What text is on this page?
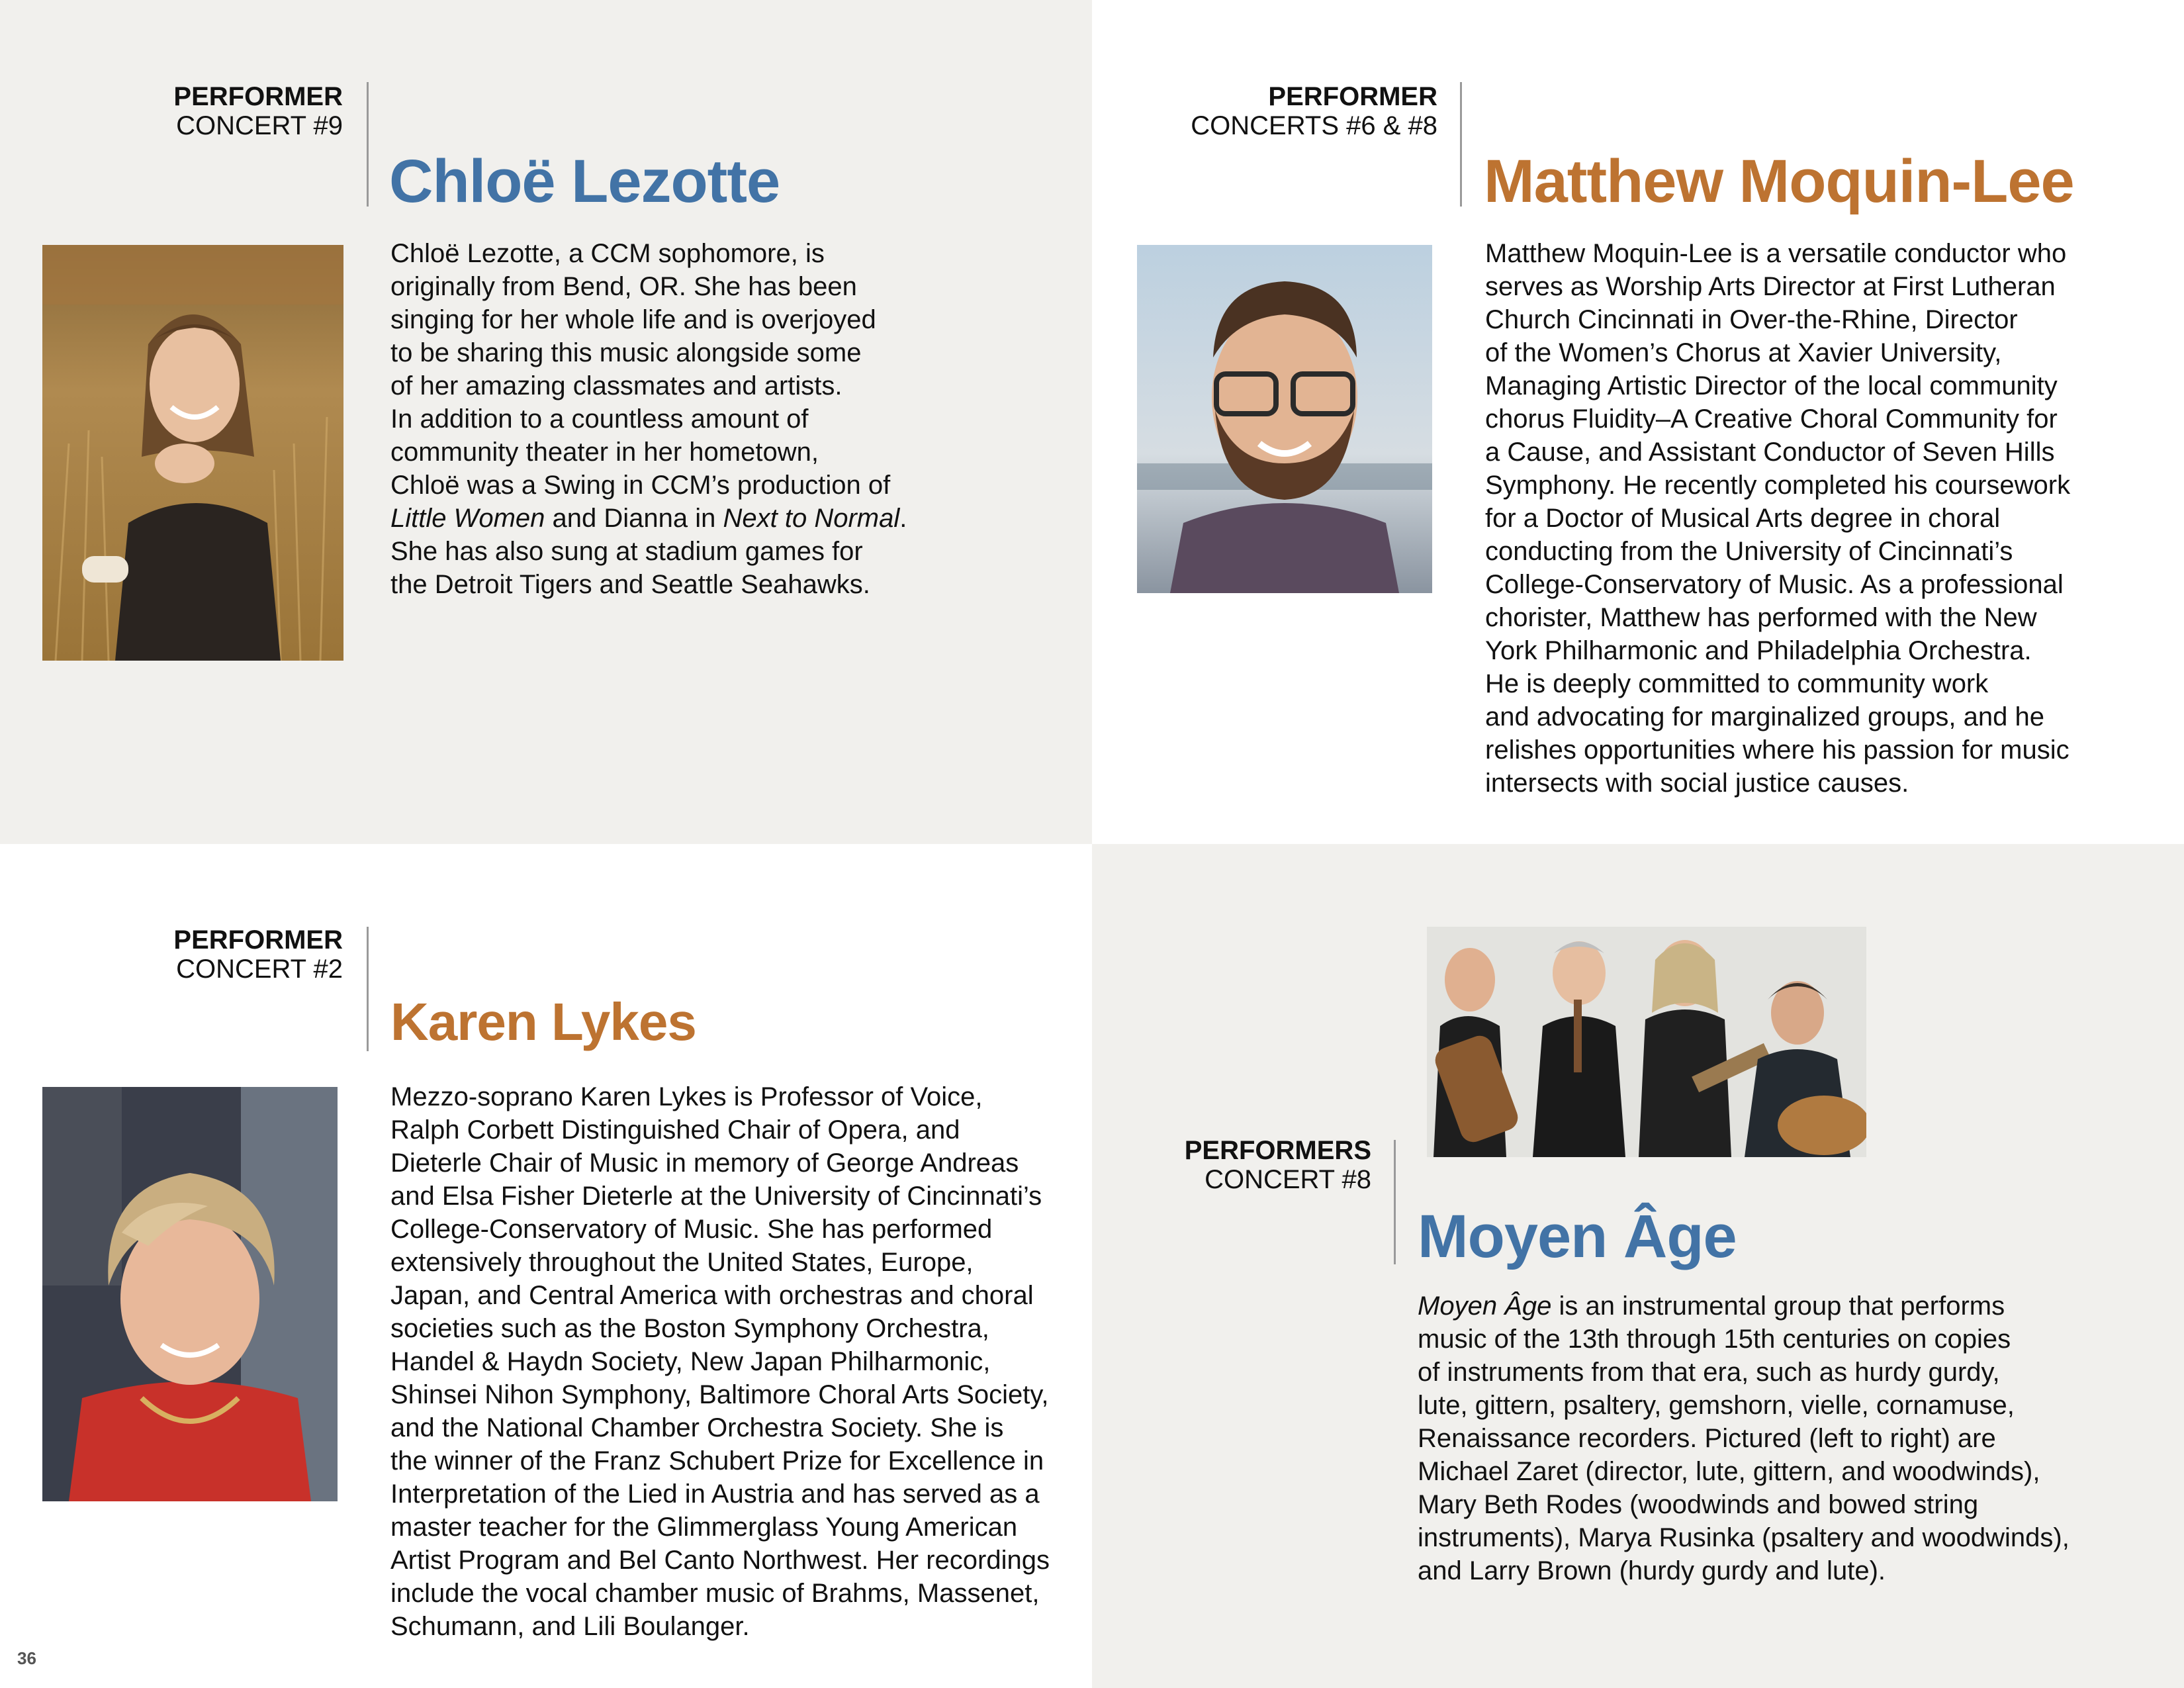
PERFORMER
CONCERT #9
Chloë Lezotte
Chloë Lezotte, a CCM sophomore, is
originally from Bend, OR. She has been
singing for her whole life and is overjoyed
to be sharing this music alongside some
of her amazing classmates and artists.
In addition to a countless amount of
community theater in her hometown,
Chloë was a Swing in CCM’s production of
Little Women and Dianna in Next to Normal.
She has also sung at stadium games for
the Detroit Tigers and Seattle Seahawks.
PERFORMER
CONCERTS #6 & #8
Matthew Moquin-Lee
Matthew Moquin-Lee is a versatile conductor who
serves as Worship Arts Director at First Lutheran
Church Cincinnati in Over-the-Rhine, Director
of the Women’s Chorus at Xavier University,
Managing Artistic Director of the local community
chorus Fluidity–A Creative Choral Community for
a Cause, and Assistant Conductor of Seven Hills
Symphony. He recently completed his coursework
for a Doctor of Musical Arts degree in choral
conducting from the University of Cincinnati’s
College-Conservatory of Music. As a professional
chorister, Matthew has performed with the New
York Philharmonic and Philadelphia Orchestra.
He is deeply committed to community work
and advocating for marginalized groups, and he
relishes opportunities where his passion for music
intersects with social justice causes.
PERFORMER
CONCERT #2
Karen Lykes
Mezzo-soprano Karen Lykes is Professor of Voice,
Ralph Corbett Distinguished Chair of Opera, and
Dieterle Chair of Music in memory of George Andreas
and Elsa Fisher Dieterle at the University of Cincinnati’s
College-Conservatory of Music. She has performed
extensively throughout the United States, Europe,
Japan, and Central America with orchestras and choral
societies such as the Boston Symphony Orchestra,
Handel & Haydn Society, New Japan Philharmonic,
Shinsei Nihon Symphony, Baltimore Choral Arts Society,
and the National Chamber Orchestra Society. She is
the winner of the Franz Schubert Prize for Excellence in
Interpretation of the Lied in Austria and has served as a
master teacher for the Glimmerglass Young American
Artist Program and Bel Canto Northwest. Her recordings
include the vocal chamber music of Brahms, Massenet,
Schumann, and Lili Boulanger.
PERFORMERS
CONCERT #8
Moyen Âge
Moyen Âge is an instrumental group that performs
music of the 13th through 15th centuries on copies
of instruments from that era, such as hurdy gurdy,
lute, gittern, psaltery, gemshorn, vielle, cornamuse,
Renaissance recorders. Pictured (left to right) are
Michael Zaret (director, lute, gittern, and woodwinds),
Mary Beth Rodes (woodwinds and bowed string
instruments), Marya Rusinka (psaltery and woodwinds),
and Larry Brown (hurdy gurdy and lute).
36
